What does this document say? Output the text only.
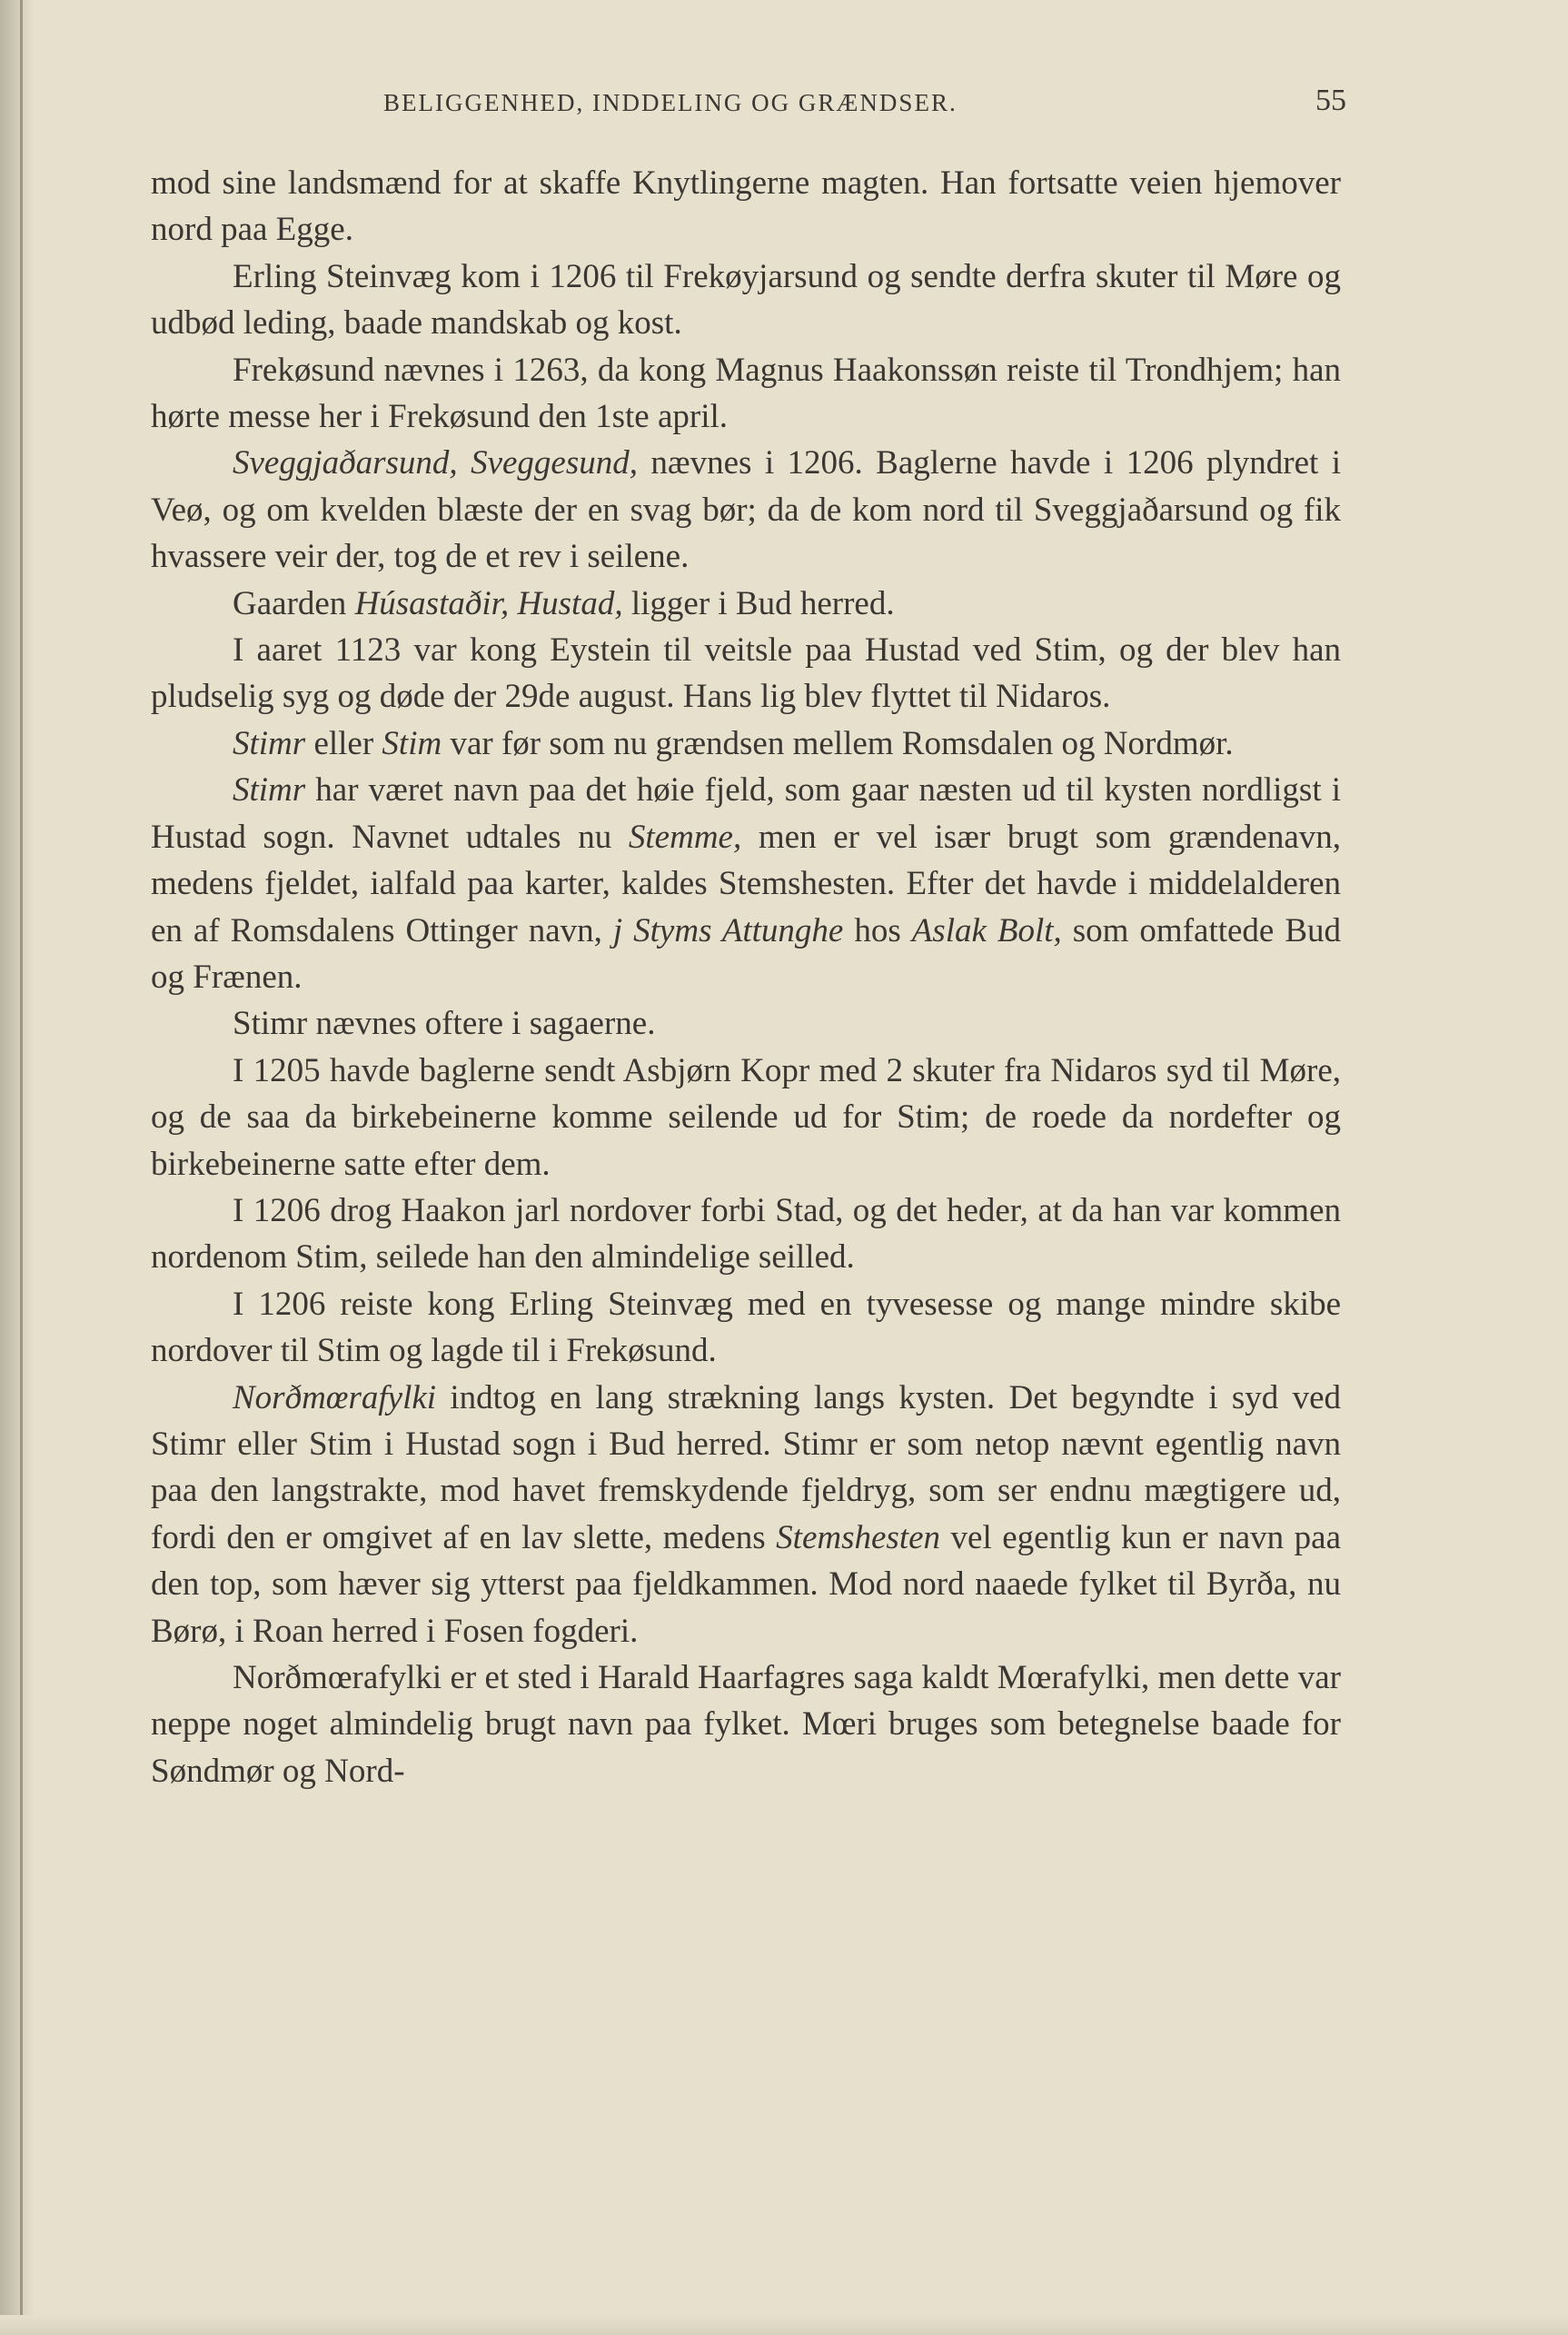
BELIGGENHED, INDDELING OG GRÆNDSER.	55

mod sine landsmænd for at skaffe Knytlingerne magten. Han fortsatte veien hjemover nord paa Egge.

Erling Steinvæg kom i 1206 til Frekøyjarsund og sendte derfra skuter til Møre og udbød leding, baade mandskab og kost.

Frekøsund nævnes i 1263, da kong Magnus Haakonssøn reiste til Trondhjem; han hørte messe her i Frekøsund den 1ste april.

Sveggjaðarsund, Sveggesund, nævnes i 1206. Baglerne havde i 1206 plyndret i Veø, og om kvelden blæste der en svag bør; da de kom nord til Sveggjaðarsund og fik hvassere veir der, tog de et rev i seilene.

Gaarden Húsastaðir, Hustad, ligger i Bud herred.

I aaret 1123 var kong Eystein til veitsle paa Hustad ved Stim, og der blev han pludselig syg og døde der 29de august. Hans lig blev flyttet til Nidaros.

Stimr eller Stim var før som nu grændsen mellem Romsdalen og Nordmør.

Stimr har været navn paa det høie fjeld, som gaar næsten ud til kysten nordligst i Hustad sogn. Navnet udtales nu Stemme, men er vel især brugt som grændenavn, medens fjeldet, ialfald paa karter, kaldes Stemshesten. Efter det havde i middelalderen en af Romsdalens Ottinger navn, j Styms Attunghe hos Aslak Bolt, som omfattede Bud og Frænen.

Stimr nævnes oftere i sagaerne.

I 1205 havde baglerne sendt Asbjørn Kopr med 2 skuter fra Nidaros syd til Møre, og de saa da birkebeinerne komme seilende ud for Stim; de roede da nordefter og birkebeinerne satte efter dem.

I 1206 drog Haakon jarl nordover forbi Stad, og det heder, at da han var kommen nordenom Stim, seilede han den almindelige seilled.

I 1206 reiste kong Erling Steinvæg med en tyvesesse og mange mindre skibe nordover til Stim og lagde til i Frekøsund.

Norðmœrafylki indtog en lang strækning langs kysten. Det begyndte i syd ved Stimr eller Stim i Hustad sogn i Bud herred. Stimr er som netop nævnt egentlig navn paa den langstrakte, mod havet fremskydende fjeldryg, som ser endnu mægtigere ud, fordi den er omgivet af en lav slette, medens Stemshesten vel egentlig kun er navn paa den top, som hæver sig ytterst paa fjeldkammen. Mod nord naaede fylket til Byrða, nu Børø, i Roan herred i Fosen fogderi.

Norðmœrafylki er et sted i Harald Haarfagres saga kaldt Mœrafylki, men dette var neppe noget almindelig brugt navn paa fylket. Mœri bruges som betegnelse baade for Søndmør og Nord-
